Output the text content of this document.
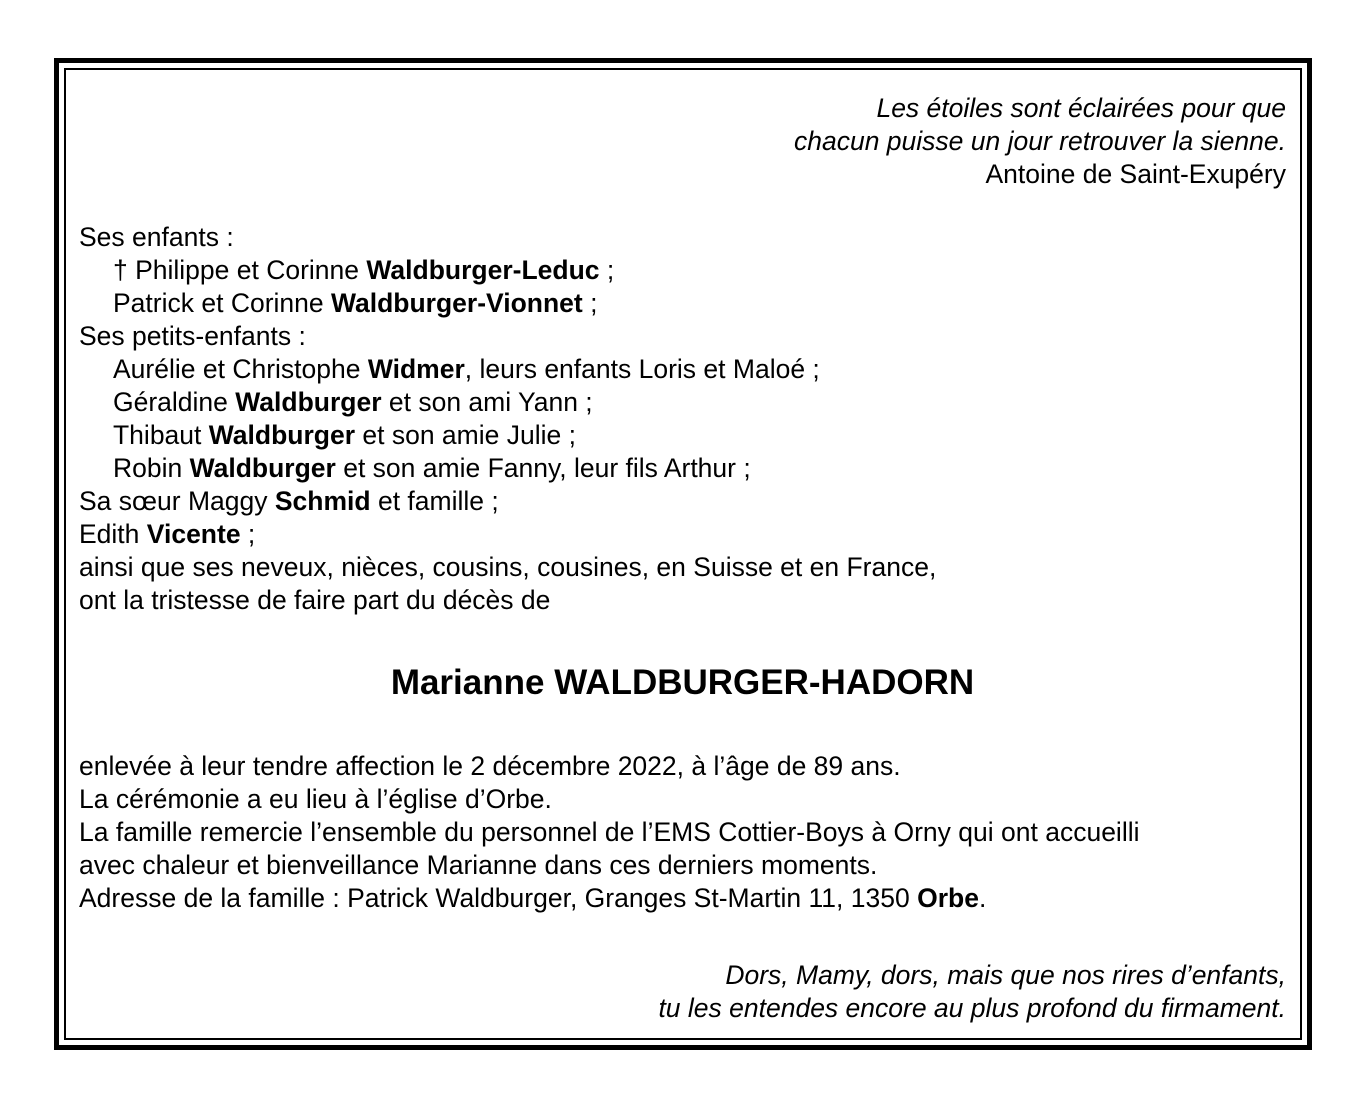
Les étoiles sont éclairées pour que
chacun puisse un jour retrouver la sienne.
Antoine de Saint-Exupéry
Ses enfants :
† Philippe et Corinne Waldburger-Leduc ;
Patrick et Corinne Waldburger-Vionnet ;
Ses petits-enfants :
Aurélie et Christophe Widmer, leurs enfants Loris et Maloé ;
Géraldine Waldburger et son ami Yann ;
Thibaut Waldburger et son amie Julie ;
Robin Waldburger et son amie Fanny, leur fils Arthur ;
Sa sœur Maggy Schmid et famille ;
Edith Vicente ;
ainsi que ses neveux, nièces, cousins, cousines, en Suisse et en France,
ont la tristesse de faire part du décès de
Marianne WALDBURGER-HADORN
enlevée à leur tendre affection le 2 décembre 2022, à l’âge de 89 ans.
La cérémonie a eu lieu à l’église d’Orbe.
La famille remercie l’ensemble du personnel de l’EMS Cottier-Boys à Orny qui ont accueilli
avec chaleur et bienveillance Marianne dans ces derniers moments.
Adresse de la famille : Patrick Waldburger, Granges St-Martin 11, 1350 Orbe.
Dors, Mamy, dors, mais que nos rires d’enfants,
tu les entendes encore au plus profond du firmament.
